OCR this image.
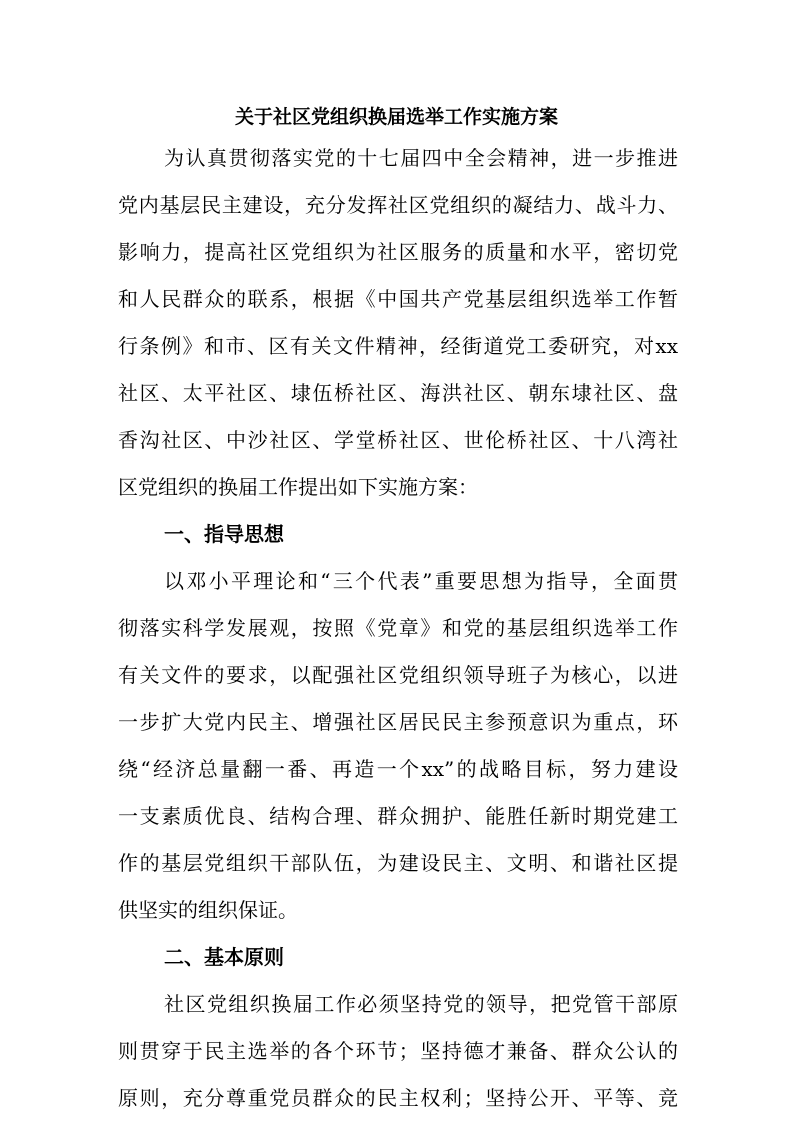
关于社区党组织换届选举工作实施方案
为认真贯彻落实党的十七届四中全会精神，进一步推进
党内基层民主建设，充分发挥社区党组织的凝结力、战斗力、
影响力，提高社区党组织为社区服务的质量和水平，密切党
和人民群众的联系，根据《中国共产党基层组织选举工作暂
行条例》和市、区有关文件精神，经街道党工委研究，对xx
社区、太平社区、埭伍桥社区、海洪社区、朝东埭社区、盘
香沟社区、中沙社区、学堂桥社区、世伦桥社区、十八湾社
区党组织的换届工作提出如下实施方案：
一、指导思想
以邓小平理论和“三个代表”重要思想为指导，全面贯
彻落实科学发展观，按照《党章》和党的基层组织选举工作
有关文件的要求，以配强社区党组织领导班子为核心，以进
一步扩大党内民主、增强社区居民民主参预意识为重点，环
绕“经济总量翻一番、再造一个xx”的战略目标，努力建设
一支素质优良、结构合理、群众拥护、能胜任新时期党建工
作的基层党组织干部队伍，为建设民主、文明、和谐社区提
供坚实的组织保证。
二、基本原则
社区党组织换届工作必须坚持党的领导，把党管干部原
则贯穿于民主选举的各个环节；坚持德才兼备、群众公认的
原则，充分尊重党员群众的民主权利；坚持公开、平等、竞
